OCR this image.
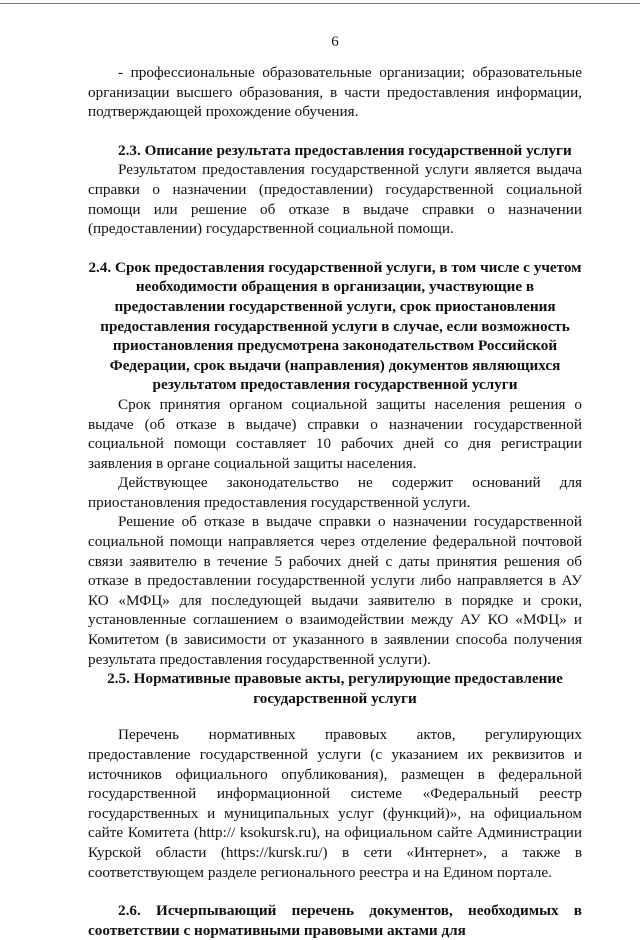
6

- профессиональные образовательные организации; образовательные организации высшего образования, в части предоставления информации, подтверждающей прохождение обучения.

2.3. Описание результата предоставления государственной услуги

Результатом предоставления государственной услуги является выдача справки о назначении (предоставлении) государственной социальной помощи или решение об отказе в выдаче справки о назначении (предоставлении) государственной социальной помощи.

2.4. Срок предоставления государственной услуги, в том числе с учетом необходимости обращения в организации, участвующие в предоставлении государственной услуги, срок приостановления предоставления государственной услуги в случае, если возможность приостановления предусмотрена законодательством Российской Федерации, срок выдачи (направления) документов являющихся результатом предоставления государственной услуги

Срок принятия органом социальной защиты населения решения о выдаче (об отказе в выдаче) справки о назначении государственной социальной помощи составляет 10 рабочих дней со дня регистрации заявления в органе социальной защиты населения.

Действующее законодательство не содержит оснований для приостановления предоставления государственной услуги.

Решение об отказе в выдаче справки о назначении государственной социальной помощи направляется через отделение федеральной почтовой связи заявителю в течение 5 рабочих дней с даты принятия решения об отказе в предоставлении государственной услуги либо направляется в АУ КО «МФЦ» для последующей выдачи заявителю в порядке и сроки, установленные соглашением о взаимодействии между АУ КО «МФЦ» и Комитетом (в зависимости от указанного в заявлении способа получения результата предоставления государственной услуги).

2.5. Нормативные правовые акты, регулирующие предоставление государственной услуги

Перечень нормативных правовых актов, регулирующих предоставление государственной услуги (с указанием их реквизитов и источников официального опубликования), размещен в федеральной государственной информационной системе «Федеральный реестр государственных и муниципальных услуг (функций)», на официальном сайте Комитета (http:// ksokursk.ru), на официальном сайте Администрации Курской области (https://kursk.ru/) в сети «Интернет», а также в соответствующем разделе регионального реестра и на Едином портале.

2.6. Исчерпывающий перечень документов, необходимых в соответствии с нормативными правовыми актами для
